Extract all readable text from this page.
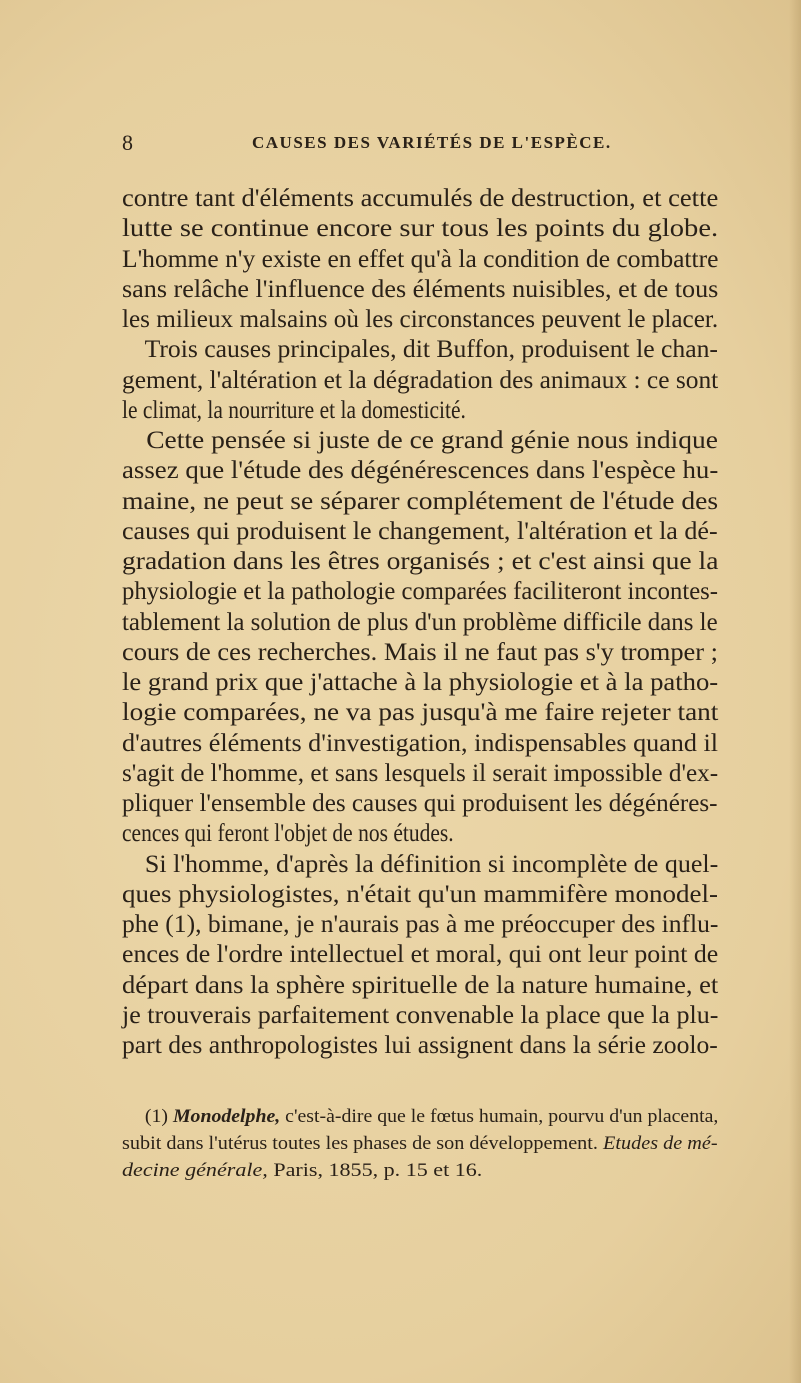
8	CAUSES DES VARIÉTÉS DE L'ESPÈCE.
contre tant d'éléments accumulés de destruction, et cette
lutte se continue encore sur tous les points du globe.
L'homme n'y existe en effet qu'à la condition de combattre
sans relâche l'influence des éléments nuisibles, et de tous
les milieux malsains où les circonstances peuvent le placer.
Trois causes principales, dit Buffon, produisent le chan-
gement, l'altération et la dégradation des animaux : ce sont
le climat, la nourriture et la domesticité.
Cette pensée si juste de ce grand génie nous indique
assez que l'étude des dégénérescences dans l'espèce hu-
maine, ne peut se séparer complétement de l'étude des
causes qui produisent le changement, l'altération et la dé-
gradation dans les êtres organisés ; et c'est ainsi que la
physiologie et la pathologie comparées faciliteront incontes-
tablement la solution de plus d'un problème difficile dans le
cours de ces recherches. Mais il ne faut pas s'y tromper ;
le grand prix que j'attache à la physiologie et à la patho-
logie comparées, ne va pas jusqu'à me faire rejeter tant
d'autres éléments d'investigation, indispensables quand il
s'agit de l'homme, et sans lesquels il serait impossible d'ex-
pliquer l'ensemble des causes qui produisent les dégénéres-
cences qui feront l'objet de nos études.
Si l'homme, d'après la définition si incomplète de quel-
ques physiologistes, n'était qu'un mammifère monodel-
phe (1), bimane, je n'aurais pas à me préoccuper des influ-
ences de l'ordre intellectuel et moral, qui ont leur point de
départ dans la sphère spirituelle de la nature humaine, et
je trouverais parfaitement convenable la place que la plu-
part des anthropologistes lui assignent dans la série zoolo-
(1) Monodelphe, c'est-à-dire que le fœtus humain, pourvu d'un placenta,
subit dans l'utérus toutes les phases de son développement. Etudes de mé-
decine générale, Paris, 1855, p. 15 et 16.
